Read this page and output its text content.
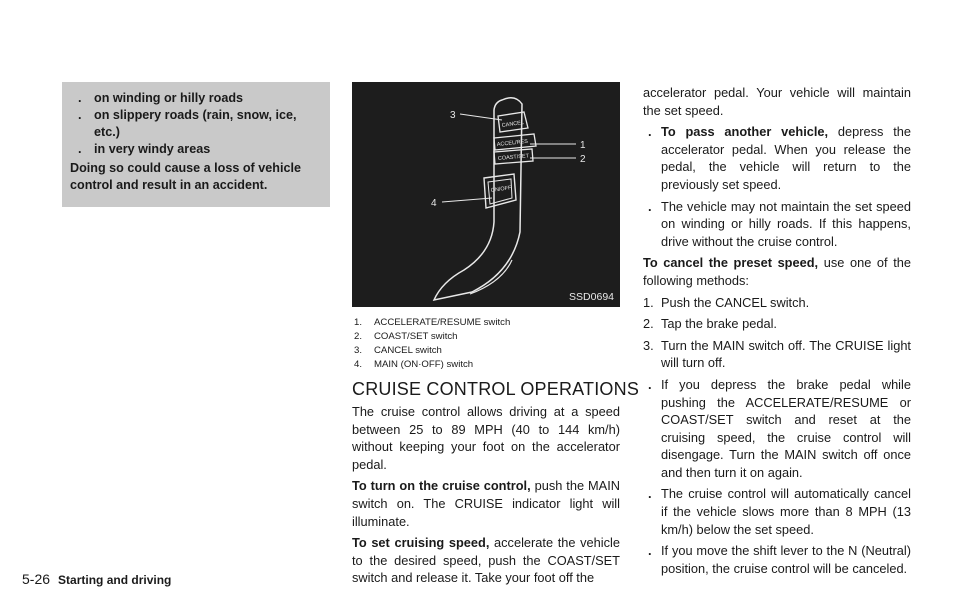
. on winding or hilly roads
. on slippery roads (rain, snow, ice, etc.)
. in very windy areas
Doing so could cause a loss of vehicle control and result in an accident.
CANCEL
ACCEL/RES
COAST/SET
ON/OFF
3
1
2
4
SSD0694
1.	ACCELERATE/RESUME switch
2.	COAST/SET switch
3.	CANCEL switch
4.	MAIN (ON·OFF) switch
CRUISE CONTROL OPERATIONS

The cruise control allows driving at a speed between 25 to 89 MPH (40 to 144 km/h) without keeping your foot on the accelerator pedal.

To turn on the cruise control, push the MAIN switch on. The CRUISE indicator light will illuminate.

To set cruising speed, accelerate the vehicle to the desired speed, push the COAST/SET switch and release it. Take your foot off the

accelerator pedal. Your vehicle will maintain the set speed.

. To pass another vehicle, depress the accelerator pedal. When you release the pedal, the vehicle will return to the previously set speed.
. The vehicle may not maintain the set speed on winding or hilly roads. If this happens, drive without the cruise control.

To cancel the preset speed, use one of the following methods:

1. Push the CANCEL switch.
2. Tap the brake pedal.
3. Turn the MAIN switch off. The CRUISE light will turn off.
. If you depress the brake pedal while pushing the ACCELERATE/RESUME or COAST/SET switch and reset at the cruising speed, the cruise control will disengage. Turn the MAIN switch off once and then turn it on again.
. The cruise control will automatically cancel if the vehicle slows more than 8 MPH (13 km/h) below the set speed.
. If you move the shift lever to the N (Neutral) position, the cruise control will be canceled.
5-26 Starting and driving
